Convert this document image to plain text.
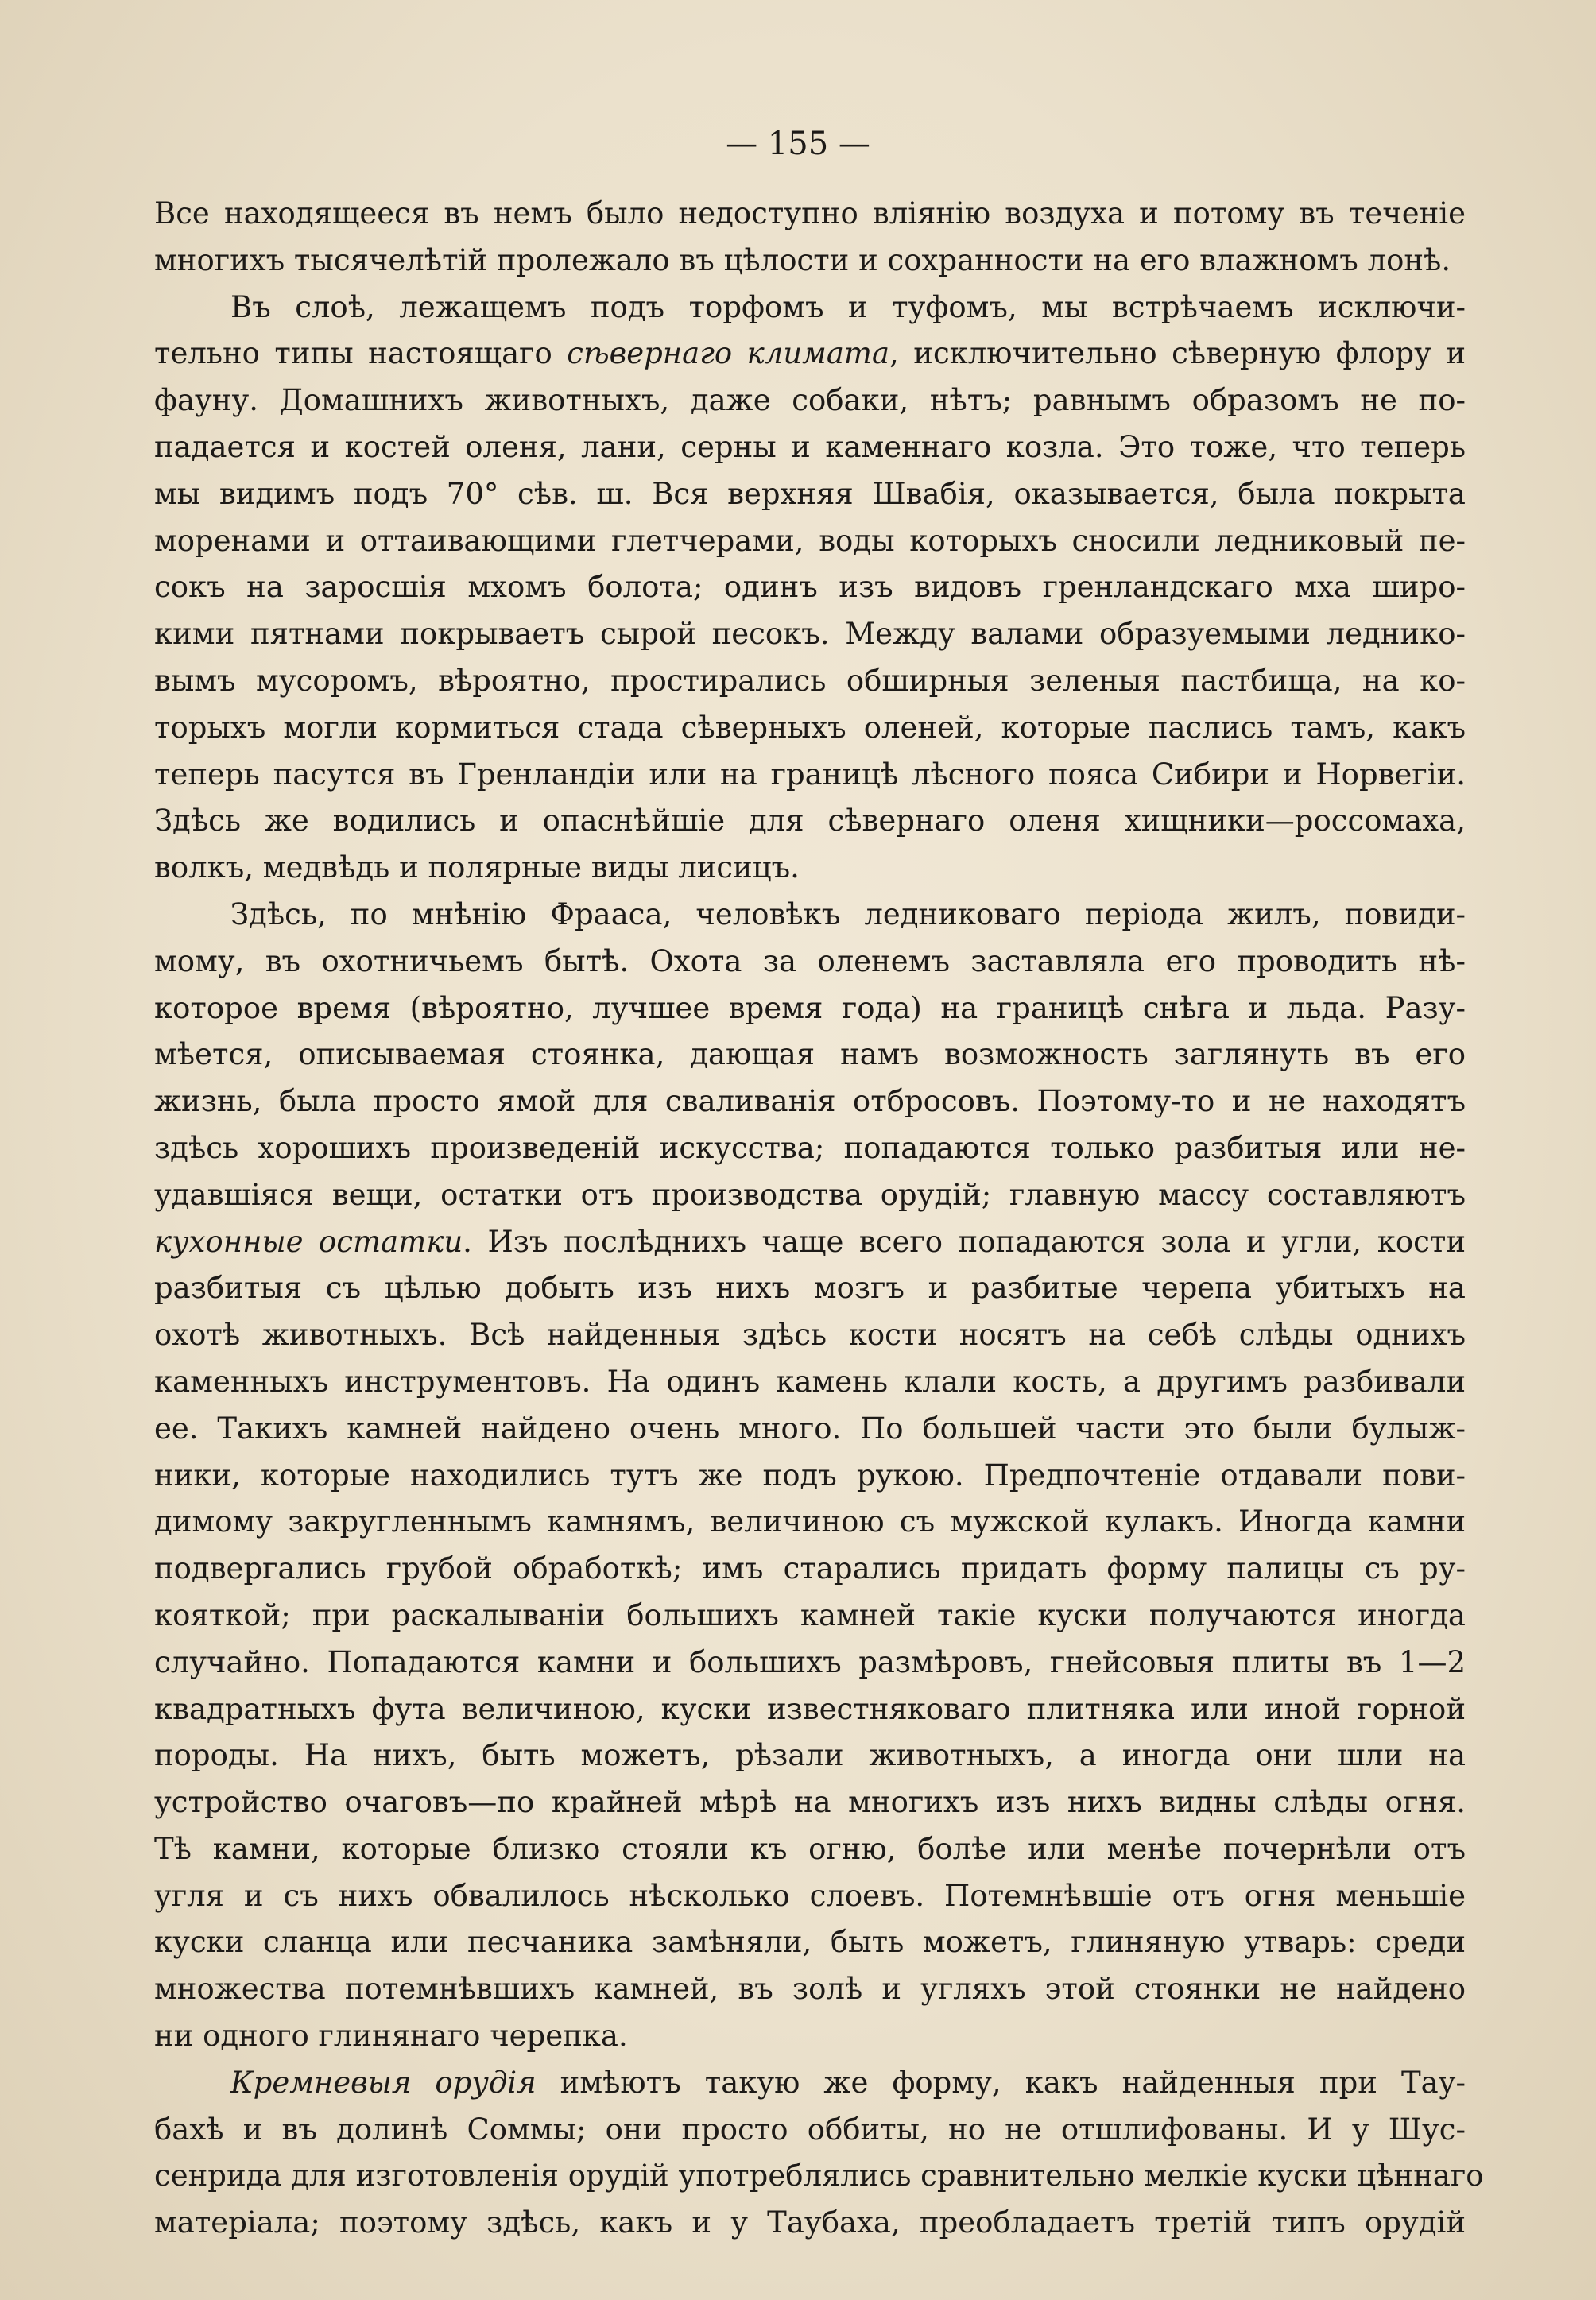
— 155 —
Все находящееся въ немъ было недоступно влiянiю воздуха и потому въ теченiе
многихъ тысячелѣтiй пролежало въ цѣлости и сохранности на его влажномъ лонѣ.
Въ слоѣ, лежащемъ подъ торфомъ и туфомъ, мы встрѣчаемъ исключи-
тельно типы настоящаго сѣвернаго климата, исключительно сѣверную флору и
фауну. Домашнихъ животныхъ, даже собаки, нѣтъ; равнымъ образомъ не по-
падается и костей оленя, лани, серны и каменнаго козла. Это тоже, что теперь
мы видимъ подъ 70° сѣв. ш. Вся верхняя Швабiя, оказывается, была покрыта
моренами и оттаивающими глетчерами, воды которыхъ сносили ледниковый пе-
сокъ на заросшiя мхомъ болота; одинъ изъ видовъ гренландскаго мха широ-
кими пятнами покрываетъ сырой песокъ. Между валами образуемыми леднико-
вымъ мусоромъ, вѣроятно, простирались обширныя зеленыя пастбища, на ко-
торыхъ могли кормиться стада сѣверныхъ оленей, которые паслись тамъ, какъ
теперь пасутся въ Гренландiи или на границѣ лѣсного пояса Сибири и Норвегiи.
Здѣсь же водились и опаснѣйшiе для сѣвернаго оленя хищники—россомаха,
волкъ, медвѣдь и полярные виды лисицъ.
Здѣсь, по мнѣнiю Фрааса, человѣкъ ледниковаго перiода жилъ, повиди-
мому, въ охотничьемъ бытѣ. Охота за оленемъ заставляла его проводить нѣ-
которое время (вѣроятно, лучшее время года) на границѣ снѣга и льда. Разу-
мѣется, описываемая стоянка, дающая намъ возможность заглянуть въ его
жизнь, была просто ямой для сваливанiя отбросовъ. Поэтому-то и не находятъ
здѣсь хорошихъ произведенiй искусства; попадаются только разбитыя или не-
удавшiяся вещи, остатки отъ производства орудiй; главную массу составляютъ
кухонные остатки. Изъ послѣднихъ чаще всего попадаются зола и угли, кости
разбитыя съ цѣлью добыть изъ нихъ мозгъ и разбитые черепа убитыхъ на
охотѣ животныхъ. Всѣ найденныя здѣсь кости носятъ на себѣ слѣды однихъ
каменныхъ инструментовъ. На одинъ камень клали кость, а другимъ разбивали
ее. Такихъ камней найдено очень много. По большей части это были булыж-
ники, которые находились тутъ же подъ рукою. Предпочтенiе отдавали пови-
димому закругленнымъ камнямъ, величиною съ мужской кулакъ. Иногда камни
подвергались грубой обработкѣ; имъ старались придать форму палицы съ ру-
кояткой; при раскалыванiи большихъ камней такiе куски получаются иногда
случайно. Попадаются камни и большихъ размѣровъ, гнейсовыя плиты въ 1—2
квадратныхъ фута величиною, куски известняковаго плитняка или иной горной
породы. На нихъ, быть можетъ, рѣзали животныхъ, а иногда они шли на
устройство очаговъ—по крайней мѣрѣ на многихъ изъ нихъ видны слѣды огня.
Тѣ камни, которые близко стояли къ огню, болѣе или менѣе почернѣли отъ
угля и съ нихъ обвалилось нѣсколько слоевъ. Потемнѣвшiе отъ огня меньшiе
куски сланца или песчаника замѣняли, быть можетъ, глиняную утварь: среди
множества потемнѣвшихъ камней, въ золѣ и угляхъ этой стоянки не найдено
ни одного глинянаго черепка.
Кремневыя орудiя имѣютъ такую же форму, какъ найденныя при Тау-
бахѣ и въ долинѣ Соммы; они просто оббиты, но не отшлифованы. И у Шус-
сенрида для изготовленiя орудiй употреблялись сравнительно мелкiе куски цѣннаго
матерiала; поэтому здѣсь, какъ и у Таубаха, преобладаетъ третiй типъ орудiй
